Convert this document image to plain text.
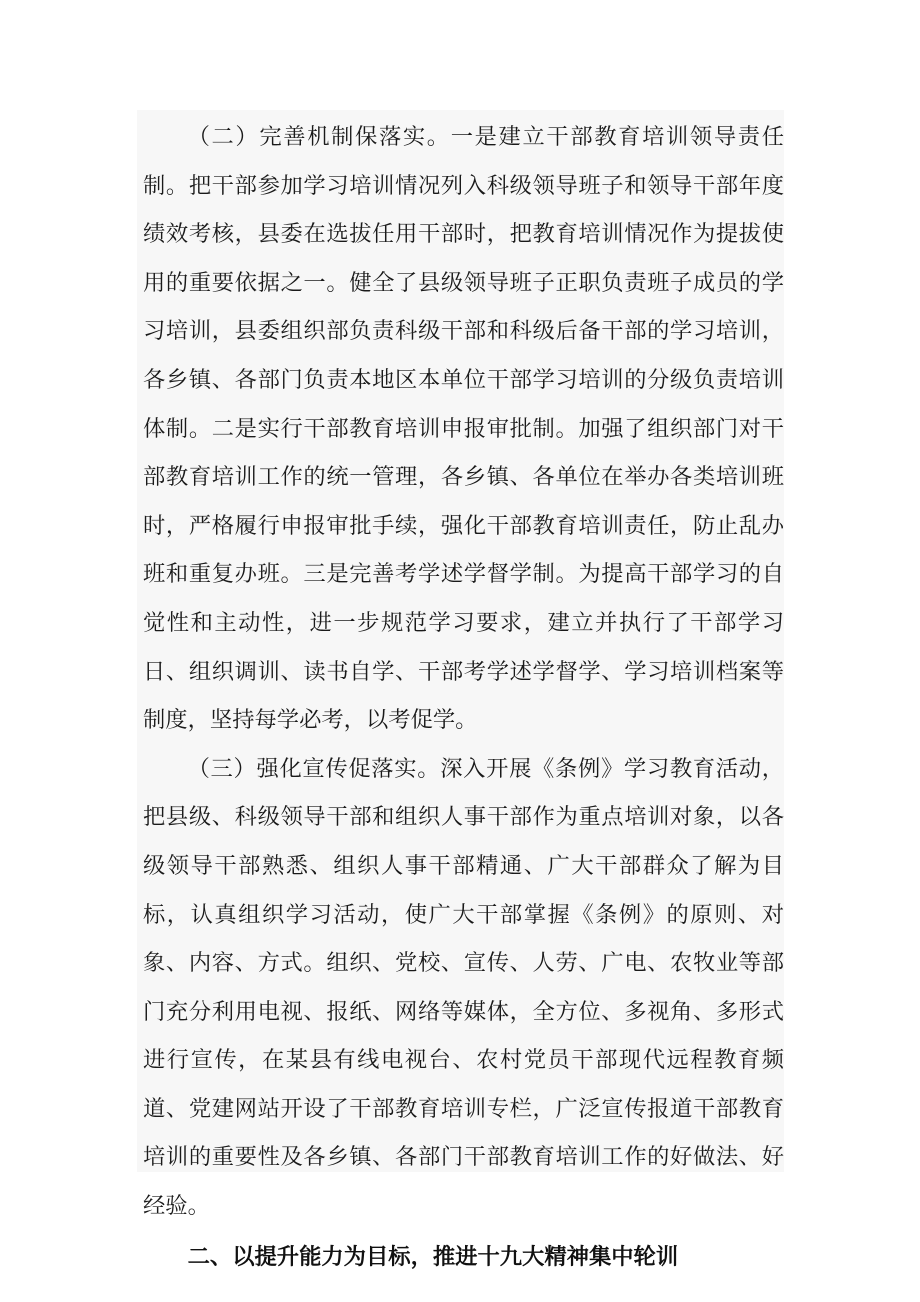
（二）完善机制保落实。一是建立干部教育培训领导责任制。把干部参加学习培训情况列入科级领导班子和领导干部年度绩效考核，县委在选拔任用干部时，把教育培训情况作为提拔使用的重要依据之一。健全了县级领导班子正职负责班子成员的学习培训，县委组织部负责科级干部和科级后备干部的学习培训，各乡镇、各部门负责本地区本单位干部学习培训的分级负责培训体制。二是实行干部教育培训申报审批制。加强了组织部门对干部教育培训工作的统一管理，各乡镇、各单位在举办各类培训班时，严格履行申报审批手续，强化干部教育培训责任，防止乱办班和重复办班。三是完善考学述学督学制。为提高干部学习的自觉性和主动性，进一步规范学习要求，建立并执行了干部学习日、组织调训、读书自学、干部考学述学督学、学习培训档案等制度，坚持每学必考，以考促学。

（三）强化宣传促落实。深入开展《条例》学习教育活动，把县级、科级领导干部和组织人事干部作为重点培训对象，以各级领导干部熟悉、组织人事干部精通、广大干部群众了解为目标，认真组织学习活动，使广大干部掌握《条例》的原则、对象、内容、方式。组织、党校、宣传、人劳、广电、农牧业等部门充分利用电视、报纸、网络等媒体，全方位、多视角、多形式进行宣传，在某县有线电视台、农村党员干部现代远程教育频道、党建网站开设了干部教育培训专栏，广泛宣传报道干部教育培训的重要性及各乡镇、各部门干部教育培训工作的好做法、好经验。

二、以提升能力为目标，推进十九大精神集中轮训
